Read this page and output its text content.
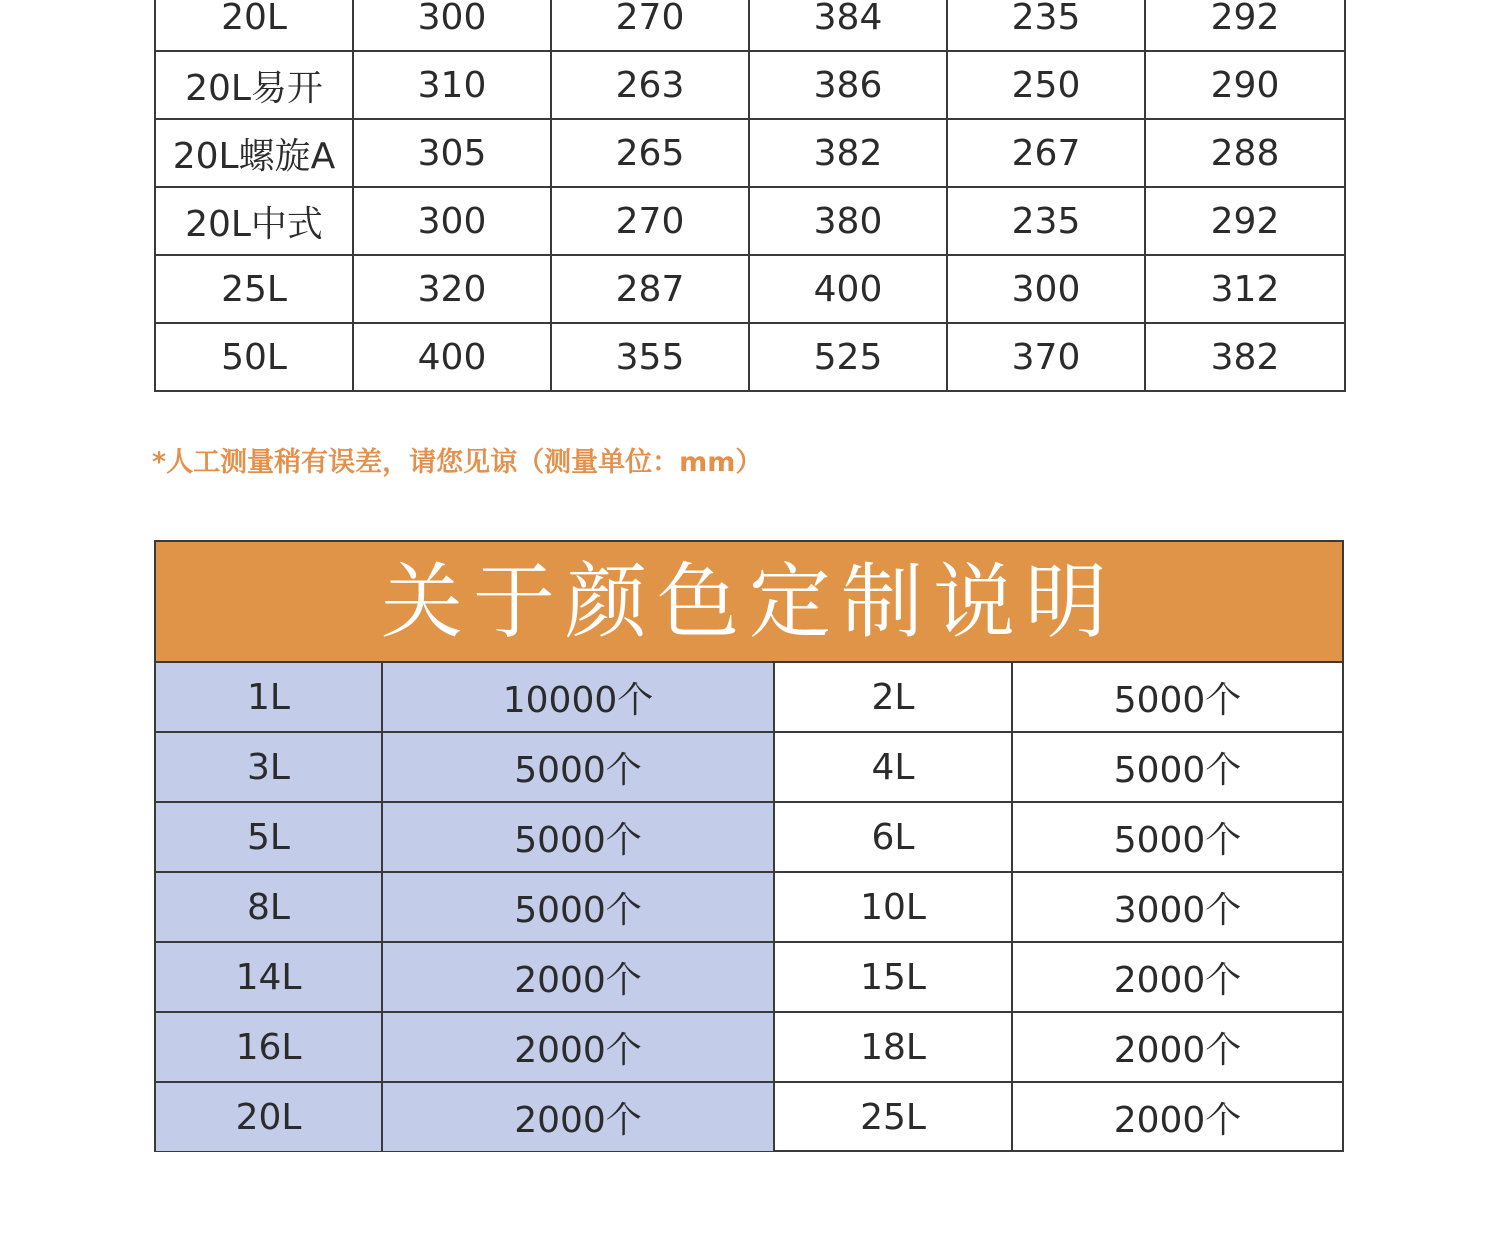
20L	300	270	384	235	292
20L易开	310	263	386	250	290
20L螺旋A	305	265	382	267	288
20L中式	300	270	380	235	292
25L	320	287	400	300	312
50L	400	355	525	370	382
*人工测量稍有误差，请您见谅（测量单位：mm）
关于颜色定制说明
1L	10000个	2L	5000个
3L	5000个	4L	5000个
5L	5000个	6L	5000个
8L	5000个	10L	3000个
14L	2000个	15L	2000个
16L	2000个	18L	2000个
20L	2000个	25L	2000个
